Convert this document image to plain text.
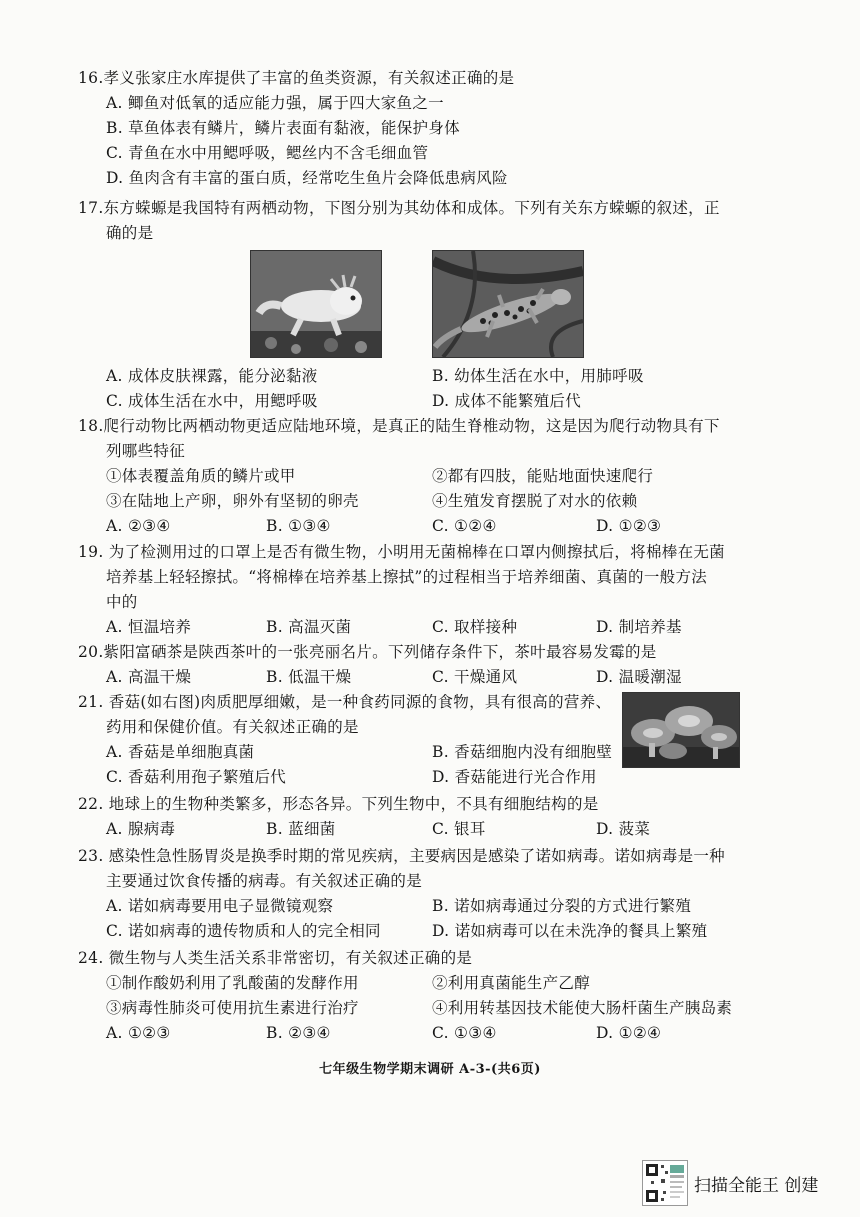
16.孝义张家庄水库提供了丰富的鱼类资源，有关叙述正确的是
A. 鲫鱼对低氧的适应能力强，属于四大家鱼之一
B. 草鱼体表有鳞片，鳞片表面有黏液，能保护身体
C. 青鱼在水中用鳃呼吸，鳃丝内不含毛细血管
D. 鱼肉含有丰富的蛋白质，经常吃生鱼片会降低患病风险
17.东方蝾螈是我国特有两栖动物，下图分别为其幼体和成体。下列有关东方蝾螈的叙述，正
确的是
A. 成体皮肤裸露，能分泌黏液	B. 幼体生活在水中，用肺呼吸
C. 成体生活在水中，用鳃呼吸	D. 成体不能繁殖后代
18.爬行动物比两栖动物更适应陆地环境，是真正的陆生脊椎动物，这是因为爬行动物具有下
列哪些特征
①体表覆盖角质的鳞片或甲	②都有四肢，能贴地面快速爬行
③在陆地上产卵，卵外有坚韧的卵壳	④生殖发育摆脱了对水的依赖
A. ②③④	B. ①③④	C. ①②④	D. ①②③
19. 为了检测用过的口罩上是否有微生物，小明用无菌棉棒在口罩内侧擦拭后，将棉棒在无菌
培养基上轻轻擦拭。“将棉棒在培养基上擦拭”的过程相当于培养细菌、真菌的一般方法
中的
A. 恒温培养	B. 高温灭菌	C. 取样接种	D. 制培养基
20.紫阳富硒茶是陕西茶叶的一张亮丽名片。下列储存条件下，茶叶最容易发霉的是
A. 高温干燥	B. 低温干燥	C. 干燥通风	D. 温暖潮湿
21. 香菇(如右图)肉质肥厚细嫩，是一种食药同源的食物，具有很高的营养、
药用和保健价值。有关叙述正确的是
A. 香菇是单细胞真菌	B. 香菇细胞内没有细胞壁
C. 香菇利用孢子繁殖后代	D. 香菇能进行光合作用
22. 地球上的生物种类繁多，形态各异。下列生物中，不具有细胞结构的是
A. 腺病毒	B. 蓝细菌	C. 银耳	D. 菠菜
23. 感染性急性肠胃炎是换季时期的常见疾病，主要病因是感染了诺如病毒。诺如病毒是一种
主要通过饮食传播的病毒。有关叙述正确的是
A. 诺如病毒要用电子显微镜观察	B. 诺如病毒通过分裂的方式进行繁殖
C. 诺如病毒的遗传物质和人的完全相同	D. 诺如病毒可以在未洗净的餐具上繁殖
24. 微生物与人类生活关系非常密切，有关叙述正确的是
①制作酸奶利用了乳酸菌的发酵作用	②利用真菌能生产乙醇
③病毒性肺炎可使用抗生素进行治疗	④利用转基因技术能使大肠杆菌生产胰岛素
A. ①②③	B. ②③④	C. ①③④	D. ①②④
七年级生物学期末调研 A-3-(共6页)
扫描全能王 创建
